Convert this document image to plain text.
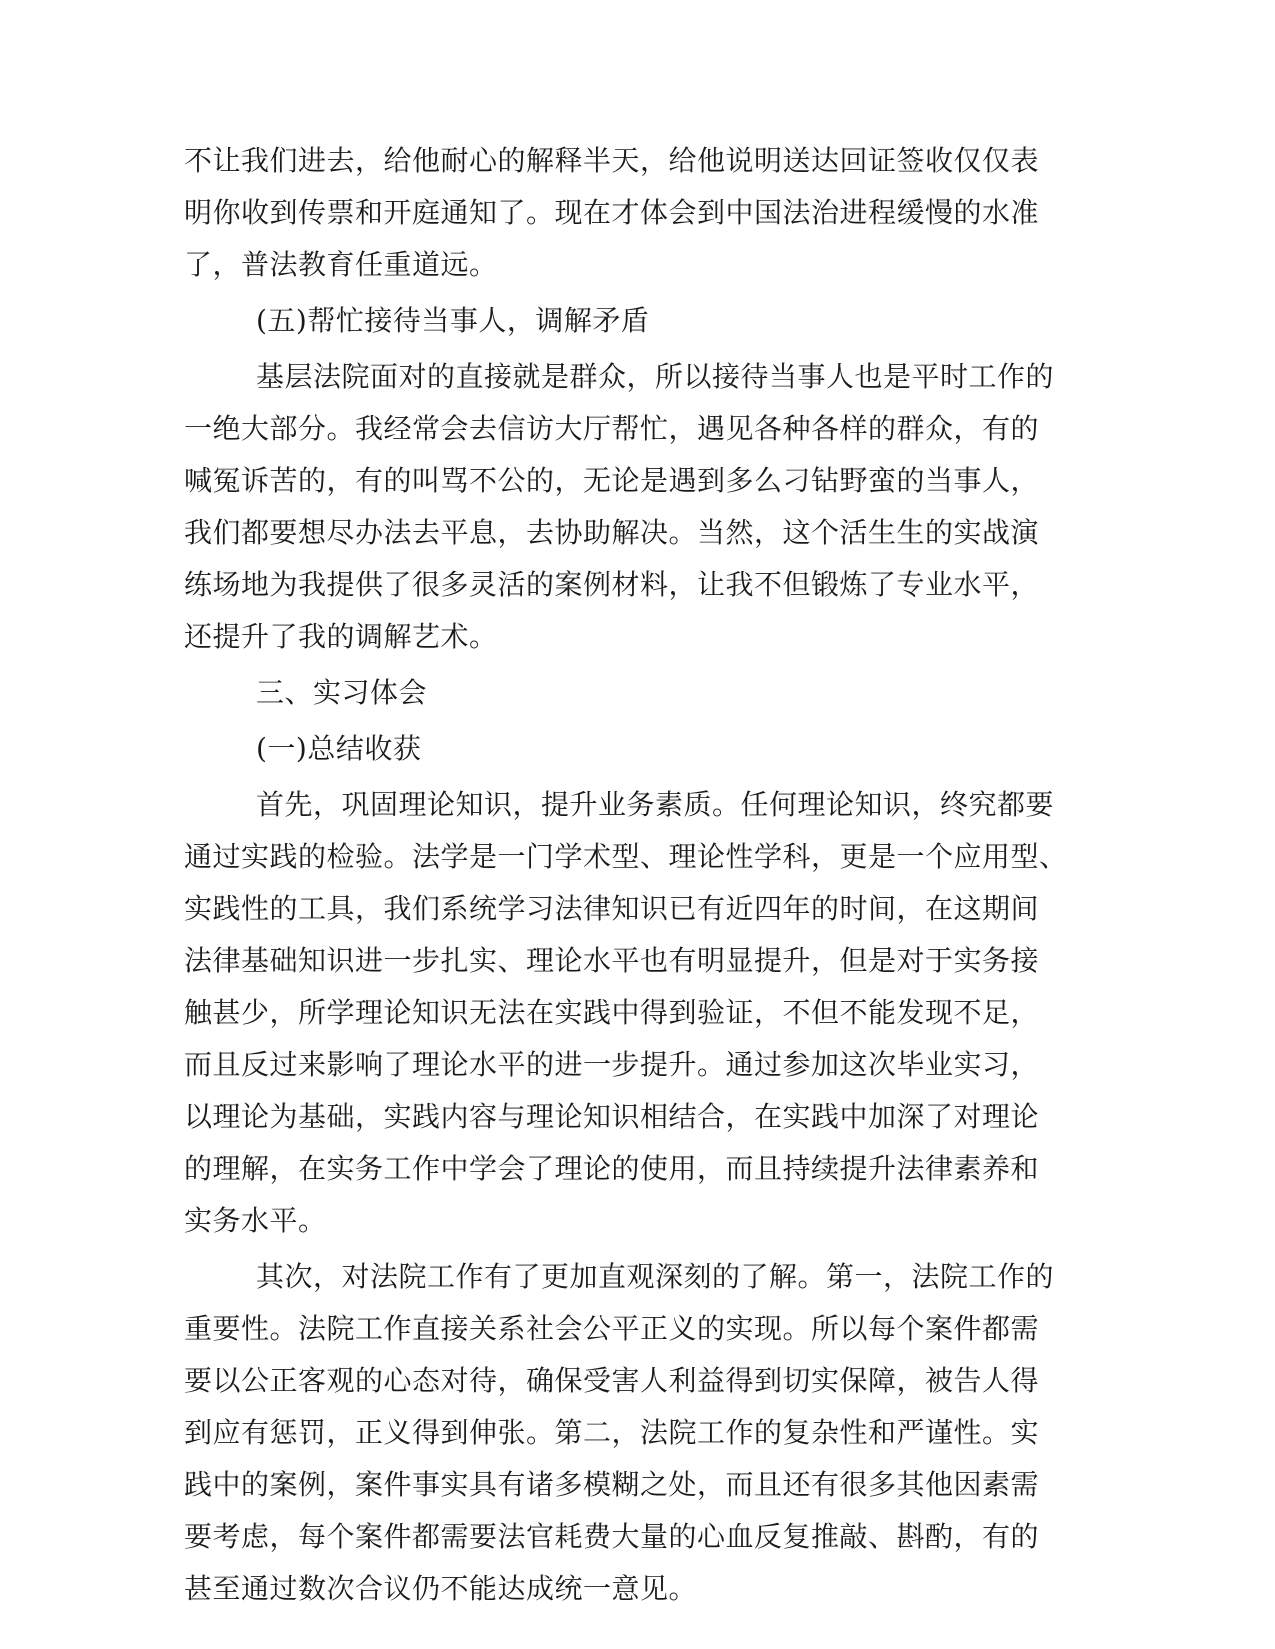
不让我们进去，给他耐心的解释半天，给他说明送达回证签收仅仅表
明你收到传票和开庭通知了。现在才体会到中国法治进程缓慢的水准
了，普法教育任重道远。
(五)帮忙接待当事人，调解矛盾
基层法院面对的直接就是群众，所以接待当事人也是平时工作的
一绝大部分。我经常会去信访大厅帮忙，遇见各种各样的群众，有的
喊冤诉苦的，有的叫骂不公的，无论是遇到多么刁钻野蛮的当事人，
我们都要想尽办法去平息，去协助解决。当然，这个活生生的实战演
练场地为我提供了很多灵活的案例材料，让我不但锻炼了专业水平，
还提升了我的调解艺术。
三、实习体会
(一)总结收获
首先，巩固理论知识，提升业务素质。任何理论知识，终究都要
通过实践的检验。法学是一门学术型、理论性学科，更是一个应用型、
实践性的工具，我们系统学习法律知识已有近四年的时间，在这期间
法律基础知识进一步扎实、理论水平也有明显提升，但是对于实务接
触甚少，所学理论知识无法在实践中得到验证，不但不能发现不足，
而且反过来影响了理论水平的进一步提升。通过参加这次毕业实习，
以理论为基础，实践内容与理论知识相结合，在实践中加深了对理论
的理解，在实务工作中学会了理论的使用，而且持续提升法律素养和
实务水平。
其次，对法院工作有了更加直观深刻的了解。第一，法院工作的
重要性。法院工作直接关系社会公平正义的实现。所以每个案件都需
要以公正客观的心态对待，确保受害人利益得到切实保障，被告人得
到应有惩罚，正义得到伸张。第二，法院工作的复杂性和严谨性。实
践中的案例，案件事实具有诸多模糊之处，而且还有很多其他因素需
要考虑，每个案件都需要法官耗费大量的心血反复推敲、斟酌，有的
甚至通过数次合议仍不能达成统一意见。
